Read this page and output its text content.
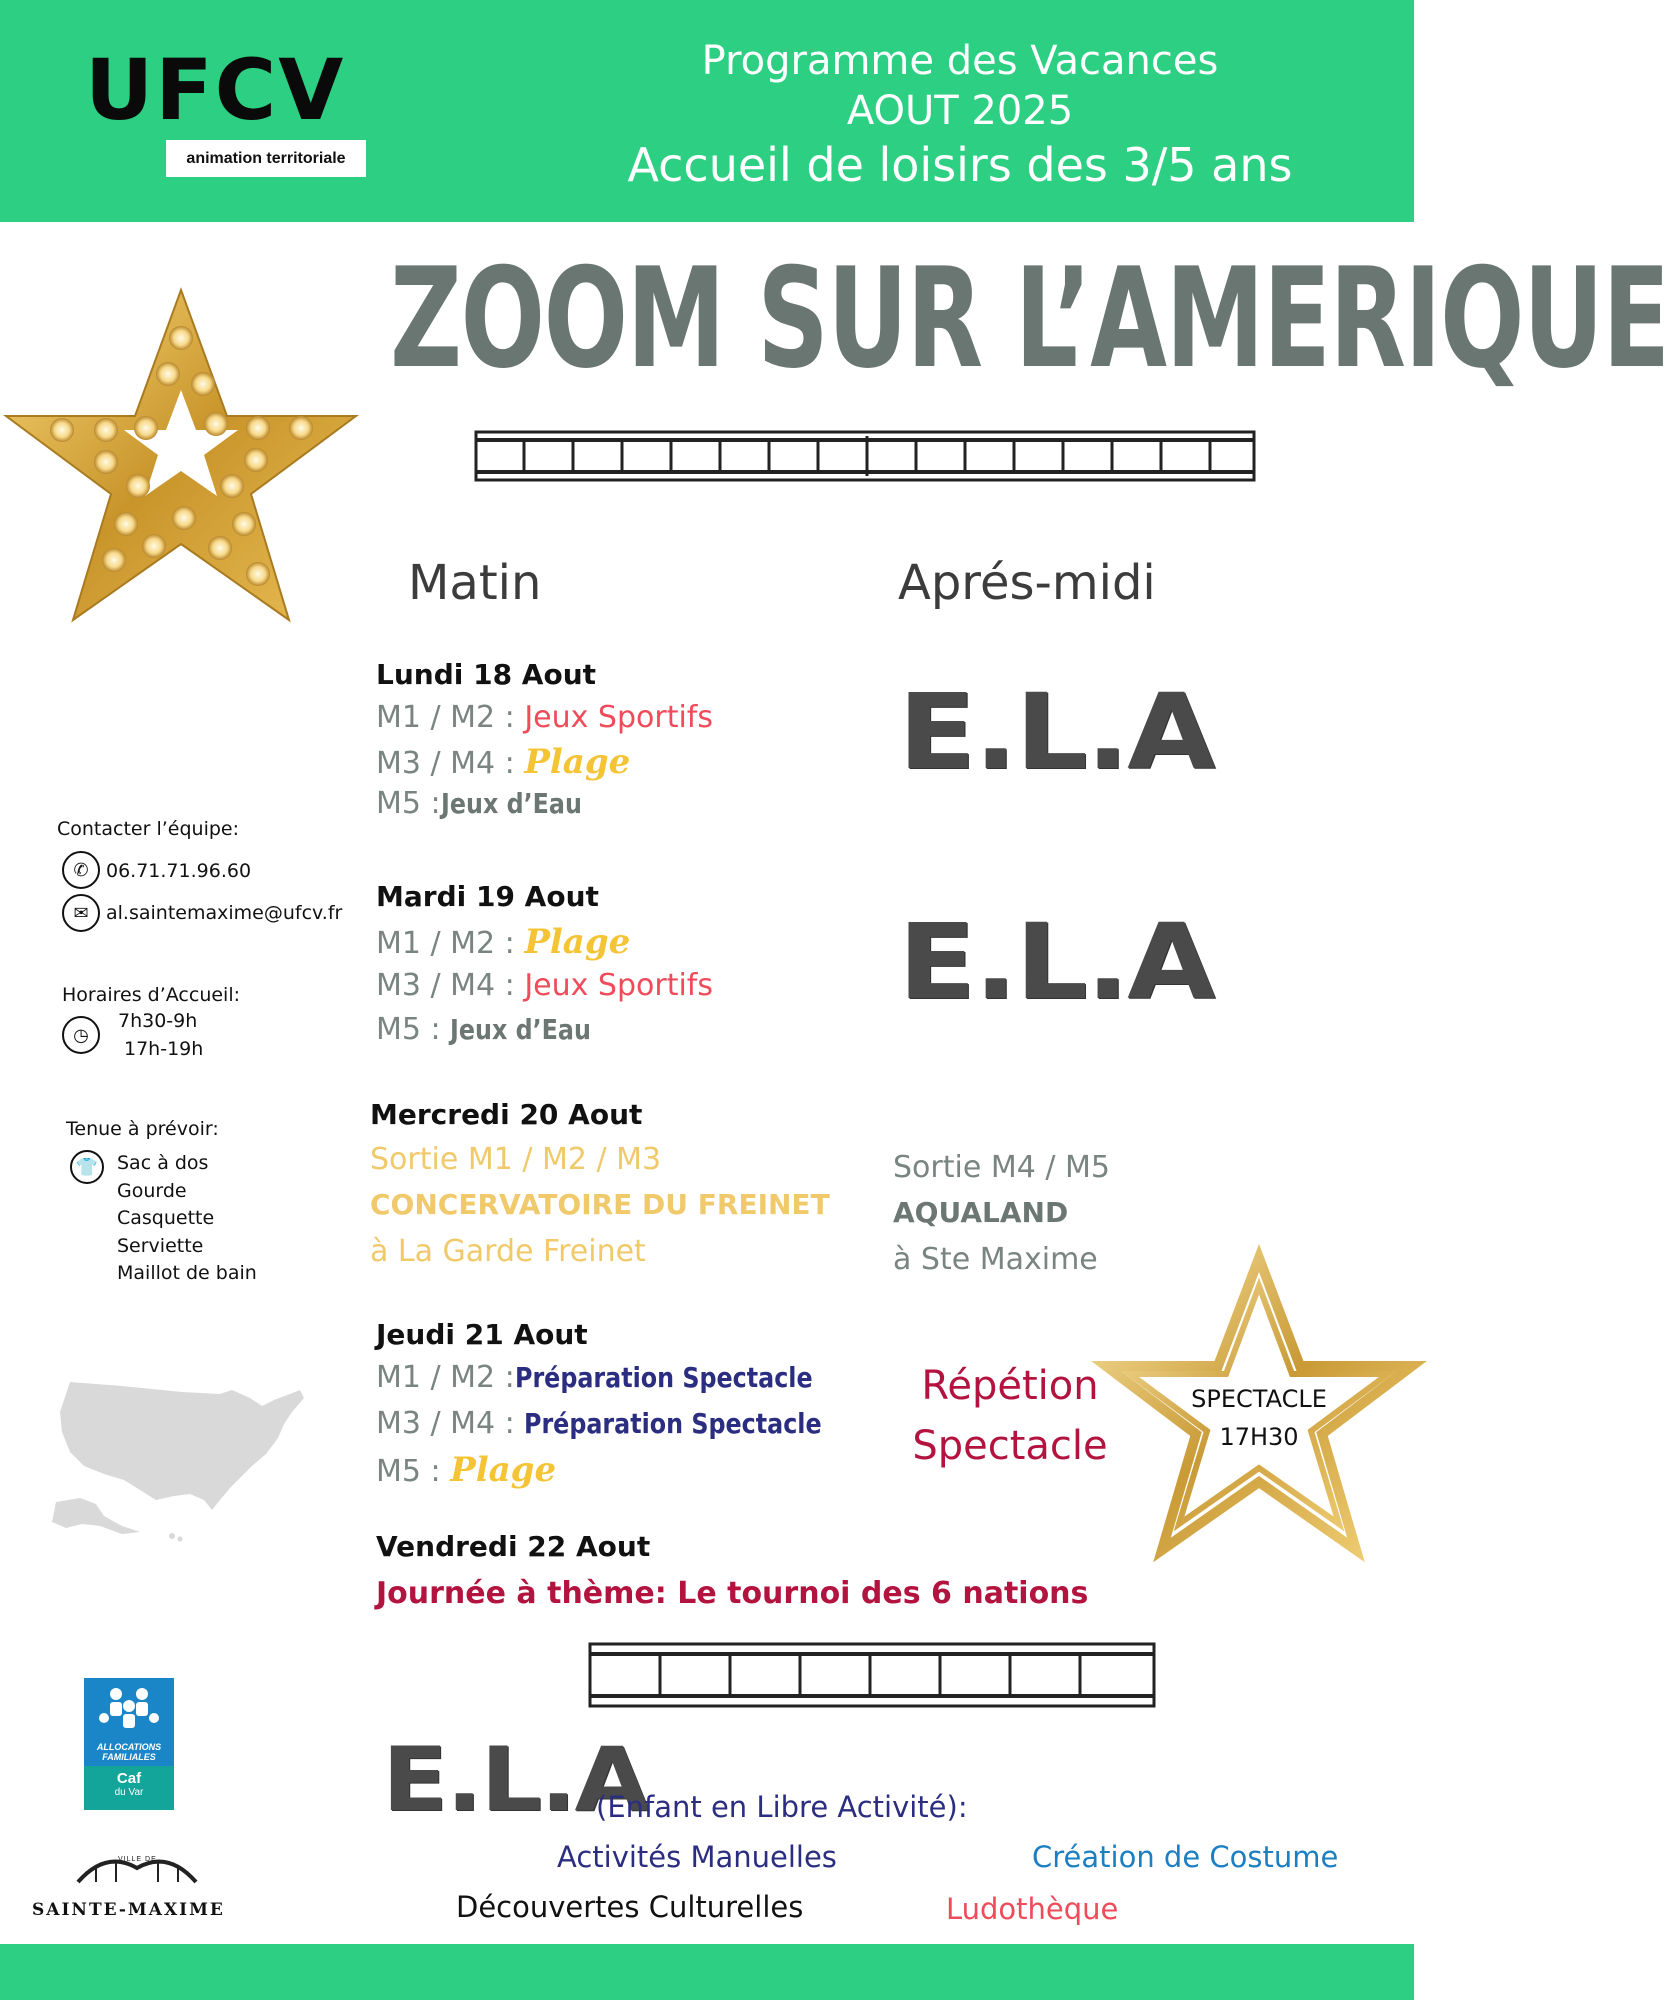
UFCV
animation territoriale
Programme des Vacances
AOUT 2025
Accueil de loisirs des 3/5 ans
ZOOM SUR L’AMERIQUE
Matin	Aprés-midi
Lundi 18 Aout
M1 / M2 : Jeux Sportifs
M3 / M4 : Plage
M5 :Jeux d’Eau
E.L.A
Mardi 19 Aout
M1 / M2 : Plage
M3 / M4 : Jeux Sportifs
M5 : Jeux d’Eau
E.L.A
Mercredi 20 Aout
Sortie M1 / M2 / M3
CONCERVATOIRE DU FREINET
à La Garde Freinet
Sortie M4 / M5
AQUALAND
à Ste Maxime
Jeudi 21 Aout
M1 / M2 :Préparation Spectacle
M3 / M4 : Préparation Spectacle
M5 : Plage
Répétion
Spectacle
SPECTACLE
17H30
Vendredi 22 Aout
Journée à thème: Le tournoi des 6 nations
E.L.A
(Enfant en Libre Activité):
Activités Manuelles	Création de Costume
Découvertes Culturelles	Ludothèque
Contacter l’équipe:
✆ 06.71.71.96.60
✉ al.saintemaxime@ufcv.fr
Horaires d’Accueil:
◷
7h30-9h
17h-19h
Tenue à prévoir:
👕 Sac à dos
Gourde
Casquette
Serviette
Maillot de bain
ALLOCATIONS
FAMILIALES
Caf
du Var
VILLE DE
SAINTE-MAXIME
